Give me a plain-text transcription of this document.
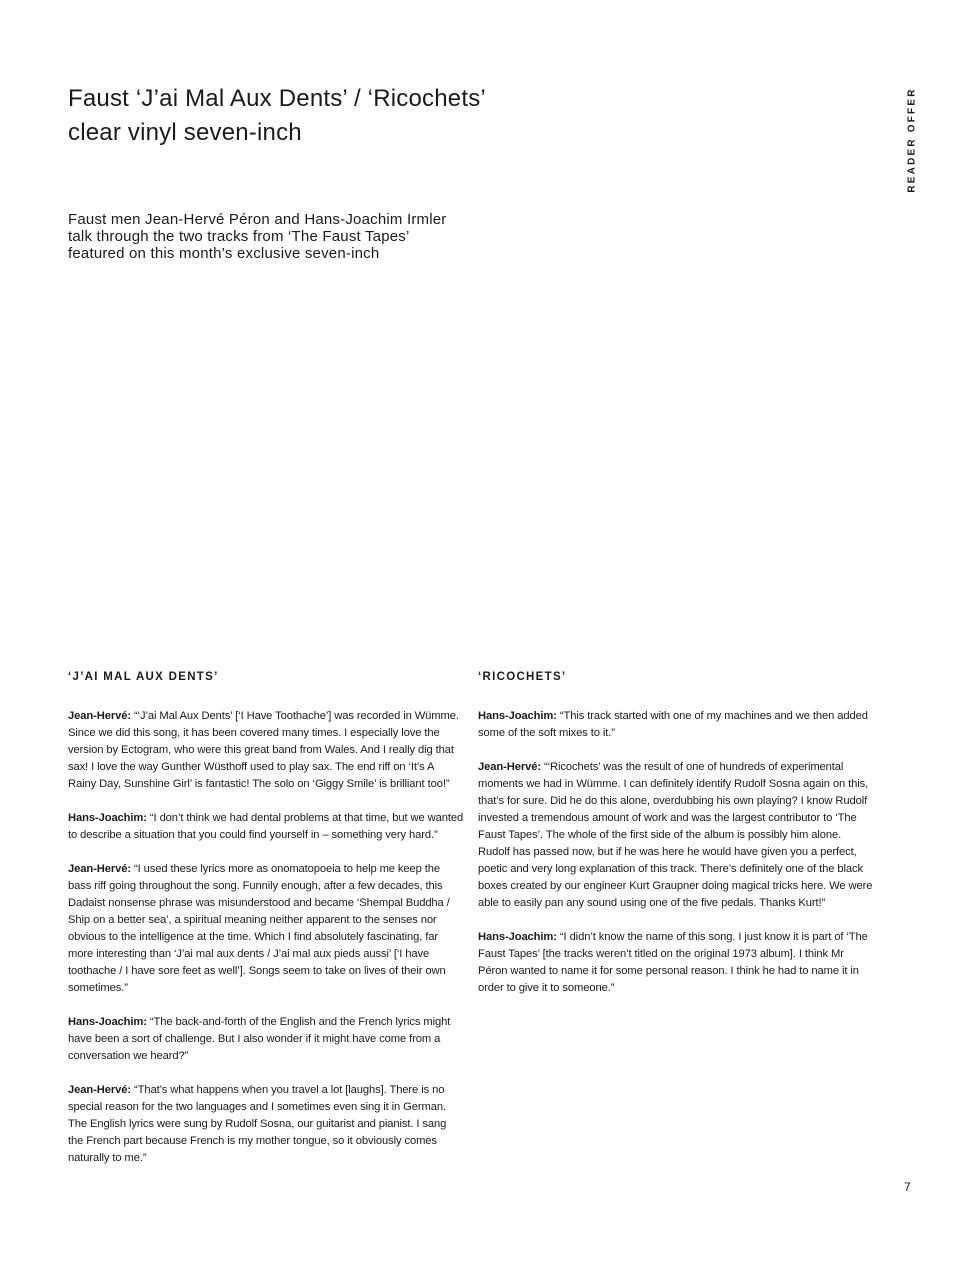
Faust ‘J’ai Mal Aux Dents’ / ‘Ricochets’
clear vinyl seven-inch	READER OFFER

Faust men Jean-Hervé Péron and Hans-Joachim Irmler
talk through the two tracks from ‘The Faust Tapes’
featured on this month’s exclusive seven-inch

‘J’AI MAL AUX DENTS’

Jean-Hervé: “‘J’ai Mal Aux Dents’ [‘I Have Toothache’] was recorded in Wümme. Since we did this song, it has been covered many times. I especially love the version by Ectogram, who were this great band from Wales. And I really dig that sax! I love the way Gunther Wüsthoff used to play sax. The end riff on ‘It’s A Rainy Day, Sunshine Girl’ is fantastic! The solo on ‘Giggy Smile’ is brilliant too!”

Hans-Joachim: “I don’t think we had dental problems at that time, but we wanted to describe a situation that you could find yourself in – something very hard.”

Jean-Hervé: “I used these lyrics more as onomatopoeia to help me keep the bass riff going throughout the song. Funnily enough, after a few decades, this Dadaist nonsense phrase was misunderstood and became ‘Shempal Buddha / Ship on a better sea’, a spiritual meaning neither apparent to the senses nor obvious to the intelligence at the time. Which I find absolutely fascinating, far more interesting than ‘J’ai mal aux dents / J’ai mal aux pieds aussi’ [‘I have toothache / I have sore feet as well’]. Songs seem to take on lives of their own sometimes.”

Hans-Joachim: “The back-and-forth of the English and the French lyrics might have been a sort of challenge. But I also wonder if it might have come from a conversation we heard?”

Jean-Hervé: “That’s what happens when you travel a lot [laughs]. There is no special reason for the two languages and I sometimes even sing it in German. The English lyrics were sung by Rudolf Sosna, our guitarist and pianist. I sang the French part because French is my mother tongue, so it obviously comes naturally to me.”

‘RICOCHETS’

Hans-Joachim: “This track started with one of my machines and we then added some of the soft mixes to it.”

Jean-Hervé: “‘Ricochets’ was the result of one of hundreds of experimental moments we had in Wümme. I can definitely identify Rudolf Sosna again on this, that’s for sure. Did he do this alone, overdubbing his own playing? I know Rudolf invested a tremendous amount of work and was the largest contributor to ‘The Faust Tapes’. The whole of the first side of the album is possibly him alone. Rudolf has passed now, but if he was here he would have given you a perfect, poetic and very long explanation of this track. There’s definitely one of the black boxes created by our engineer Kurt Graupner doing magical tricks here. We were able to easily pan any sound using one of the five pedals. Thanks Kurt!”

Hans-Joachim: “I didn’t know the name of this song. I just know it is part of ‘The Faust Tapes’ [the tracks weren’t titled on the original 1973 album]. I think Mr Péron wanted to name it for some personal reason. I think he had to name it in order to give it to someone.”

7
